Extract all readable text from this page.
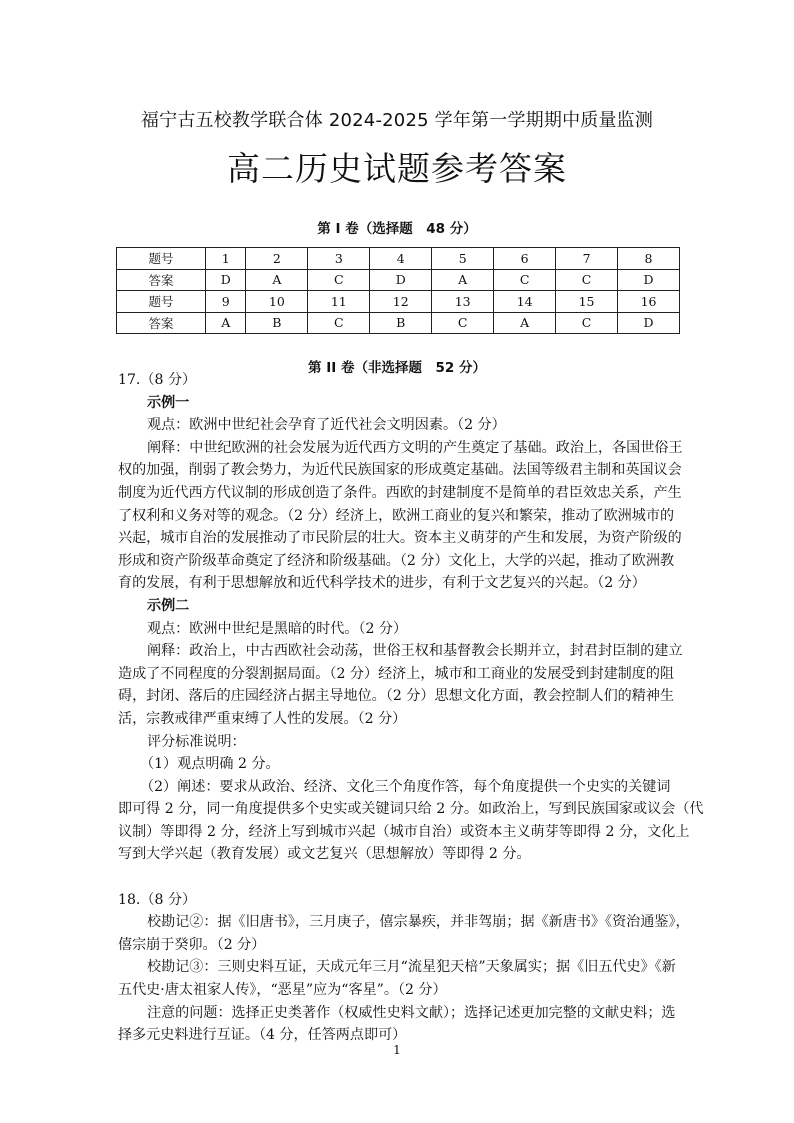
福宁古五校教学联合体 2024-2025 学年第一学期期中质量监测
高二历史试题参考答案
第 I 卷（选择题　48 分）
题号	1	2	3	4	5	6	7	8
答案	D	A	C	D	A	C	C	D
题号	9	10	11	12	13	14	15	16
答案	A	B	C	B	C	A	C	D
第 II 卷（非选择题　52 分）
17.（8 分）
示例一
观点：欧洲中世纪社会孕育了近代社会文明因素。（2 分）
阐释：中世纪欧洲的社会发展为近代西方文明的产生奠定了基础。政治上，各国世俗王
权的加强，削弱了教会势力，为近代民族国家的形成奠定基础。法国等级君主制和英国议会
制度为近代西方代议制的形成创造了条件。西欧的封建制度不是简单的君臣效忠关系，产生
了权利和义务对等的观念。（2 分）经济上，欧洲工商业的复兴和繁荣，推动了欧洲城市的
兴起，城市自治的发展推动了市民阶层的壮大。资本主义萌芽的产生和发展，为资产阶级的
形成和资产阶级革命奠定了经济和阶级基础。（2 分）文化上，大学的兴起，推动了欧洲教
育的发展，有利于思想解放和近代科学技术的进步，有利于文艺复兴的兴起。（2 分）
示例二
观点：欧洲中世纪是黑暗的时代。（2 分）
阐释：政治上，中古西欧社会动荡，世俗王权和基督教会长期并立，封君封臣制的建立
造成了不同程度的分裂割据局面。（2 分）经济上，城市和工商业的发展受到封建制度的阻
碍，封闭、落后的庄园经济占据主导地位。（2 分）思想文化方面，教会控制人们的精神生
活，宗教戒律严重束缚了人性的发展。（2 分）
评分标准说明：
（1）观点明确 2 分。
（2）阐述：要求从政治、经济、文化三个角度作答，每个角度提供一个史实的关键词
即可得 2 分，同一角度提供多个史实或关键词只给 2 分。如政治上，写到民族国家或议会（代
议制）等即得 2 分，经济上写到城市兴起（城市自治）或资本主义萌芽等即得 2 分，文化上
写到大学兴起（教育发展）或文艺复兴（思想解放）等即得 2 分。
18.（8 分）
校勘记②：据《旧唐书》，三月庚子，僖宗暴疾，并非驾崩；据《新唐书》《资治通鉴》，
僖宗崩于癸卯。（2 分）
校勘记③：三则史料互证，天成元年三月“流星犯天棓”天象属实；据《旧五代史》《新
五代史·唐太祖家人传》，“恶星”应为“客星”。（2 分）
注意的问题：选择正史类著作（权威性史料文献）；选择记述更加完整的文献史料；选
择多元史料进行互证。（4 分，任答两点即可）
1
